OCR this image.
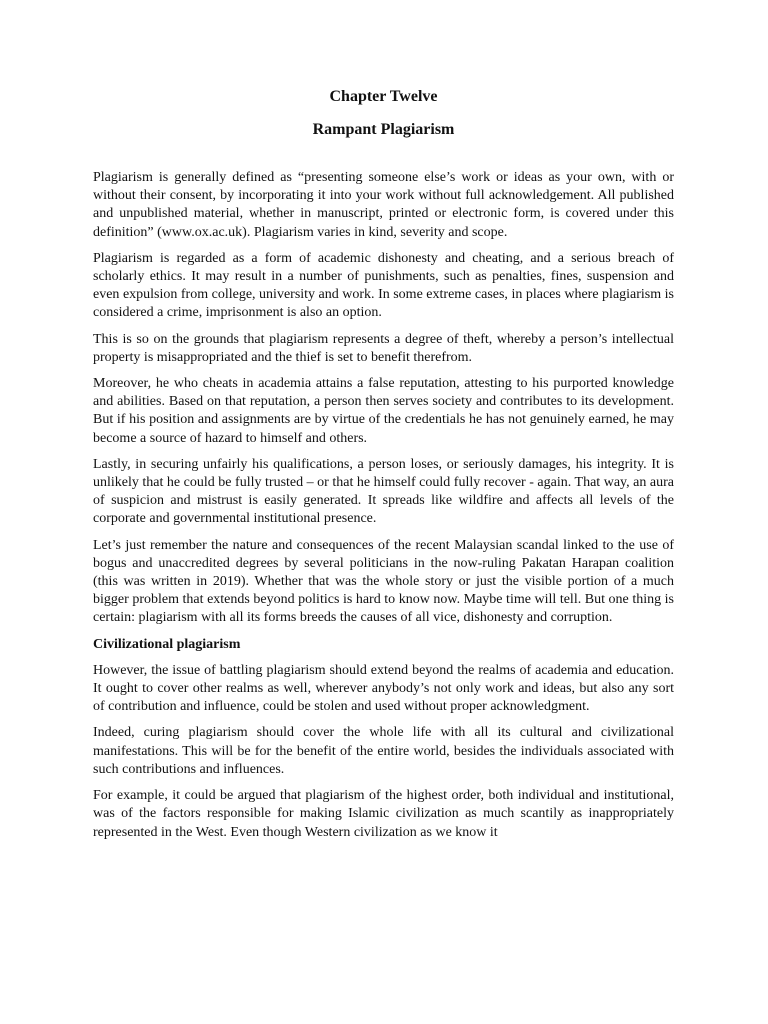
Chapter Twelve
Rampant Plagiarism

Plagiarism is generally defined as “presenting someone else’s work or ideas as your own, with or without their consent, by incorporating it into your work without full acknowledgement. All published and unpublished material, whether in manuscript, printed or electronic form, is covered under this definition” (www.ox.ac.uk). Plagiarism varies in kind, severity and scope.

Plagiarism is regarded as a form of academic dishonesty and cheating, and a serious breach of scholarly ethics. It may result in a number of punishments, such as penalties, fines, suspension and even expulsion from college, university and work. In some extreme cases, in places where plagiarism is considered a crime, imprisonment is also an option.

This is so on the grounds that plagiarism represents a degree of theft, whereby a person’s intellectual property is misappropriated and the thief is set to benefit therefrom.

Moreover, he who cheats in academia attains a false reputation, attesting to his purported knowledge and abilities. Based on that reputation, a person then serves society and contributes to its development. But if his position and assignments are by virtue of the credentials he has not genuinely earned, he may become a source of hazard to himself and others.

Lastly, in securing unfairly his qualifications, a person loses, or seriously damages, his integrity. It is unlikely that he could be fully trusted – or that he himself could fully recover - again. That way, an aura of suspicion and mistrust is easily generated. It spreads like wildfire and affects all levels of the corporate and governmental institutional presence.

Let’s just remember the nature and consequences of the recent Malaysian scandal linked to the use of bogus and unaccredited degrees by several politicians in the now-ruling Pakatan Harapan coalition (this was written in 2019). Whether that was the whole story or just the visible portion of a much bigger problem that extends beyond politics is hard to know now. Maybe time will tell. But one thing is certain: plagiarism with all its forms breeds the causes of all vice, dishonesty and corruption.

Civilizational plagiarism

However, the issue of battling plagiarism should extend beyond the realms of academia and education. It ought to cover other realms as well, wherever anybody’s not only work and ideas, but also any sort of contribution and influence, could be stolen and used without proper acknowledgment.

Indeed, curing plagiarism should cover the whole life with all its cultural and civilizational manifestations. This will be for the benefit of the entire world, besides the individuals associated with such contributions and influences.

For example, it could be argued that plagiarism of the highest order, both individual and institutional, was of the factors responsible for making Islamic civilization as much scantily as inappropriately represented in the West. Even though Western civilization as we know it
